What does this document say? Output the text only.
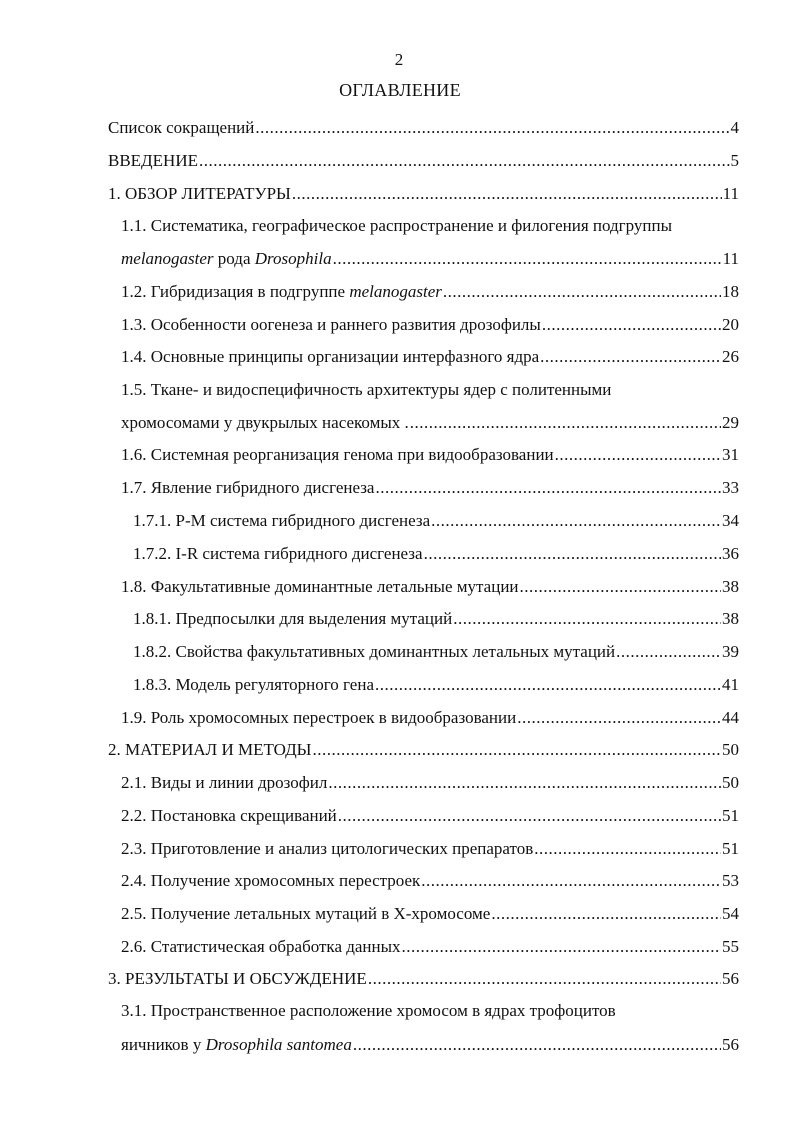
2
ОГЛАВЛЕНИЕ
Список сокращений .....	4
ВВЕДЕНИЕ .....	5
1. ОБЗОР ЛИТЕРАТУРЫ .....	11
1.1. Систематика, географическое распространение и филогения подгруппы
melanogaster рода Drosophila .....	11
1.2. Гибридизация в подгруппе melanogaster .....	18
1.3. Особенности оогенеза и раннего развития дрозофилы .....	20
1.4. Основные принципы организации интерфазного ядра .....	26
1.5. Ткане- и видоспецифичность архитектуры ядер с политенными
хромосомами у двукрылых насекомых . .....	29
1.6. Системная реорганизация генома при видообразовании .....	31
1.7. Явление гибридного дисгенеза .....	33
1.7.1. P-M система гибридного дисгенеза .....	34
1.7.2. I-R система гибридного дисгенеза .....	36
1.8. Факультативные доминантные летальные мутации .....	38
1.8.1. Предпосылки для выделения мутаций .....	38
1.8.2. Свойства факультативных доминантных летальных мутаций .....	39
1.8.3. Модель регуляторного гена .....	41
1.9. Роль хромосомных перестроек в видообразовании .....	44
2. МАТЕРИАЛ И МЕТОДЫ .....	50
2.1. Виды и линии дрозофил .....	50
2.2. Постановка скрещиваний .....	51
2.3. Приготовление и анализ цитологических препаратов .....	51
2.4. Получение хромосомных перестроек .....	53
2.5. Получение летальных мутаций в X-хромосоме .....	54
2.6. Статистическая обработка данных .....	55
3. РЕЗУЛЬТАТЫ И ОБСУЖДЕНИЕ .....	56
3.1. Пространственное расположение хромосом в ядрах трофоцитов
яичников у Drosophila santomea .....	56
